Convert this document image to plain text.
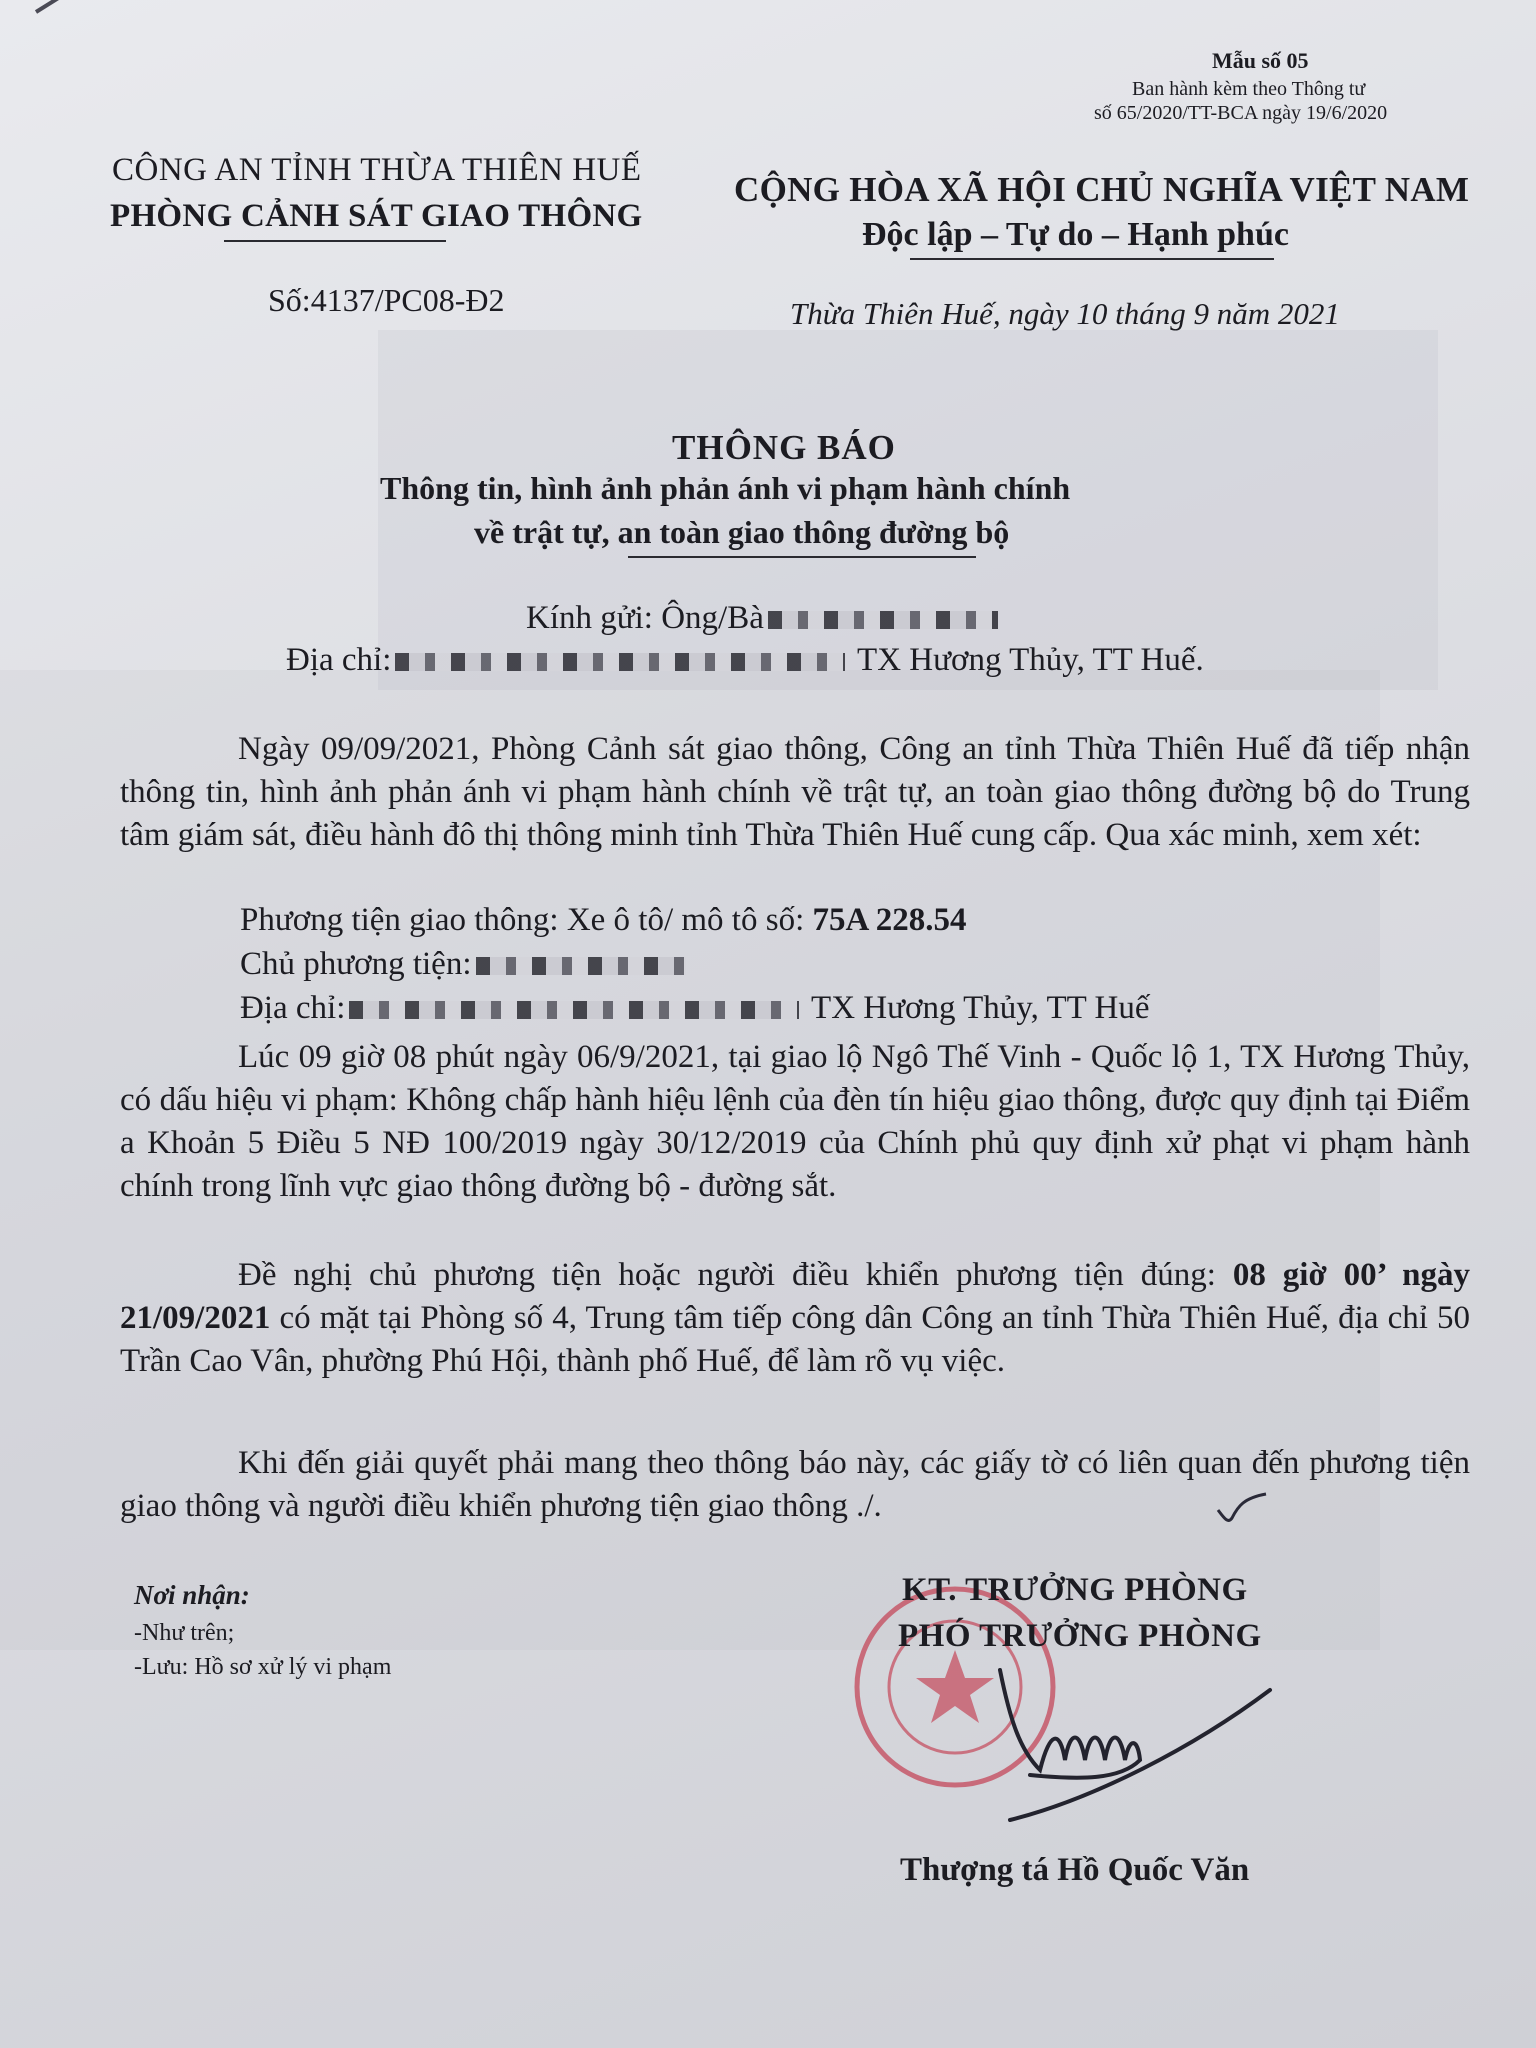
Mẫu số 05
Ban hành kèm theo Thông tư
số 65/2020/TT-BCA ngày 19/6/2020
CÔNG AN TỈNH THỪA THIÊN HUẾ
PHÒNG CẢNH SÁT GIAO THÔNG
Số:4137/PC08-Đ2
CỘNG HÒA XÃ HỘI CHỦ NGHĨA VIỆT NAM
Độc lập – Tự do – Hạnh phúc
Thừa Thiên Huế, ngày 10 tháng 9 năm 2021
THÔNG BÁO
Thông tin, hình ảnh phản ánh vi phạm hành chính
về trật tự, an toàn giao thông đường bộ
Kính gửi: Ông/Bà
Địa chỉ:	TX Hương Thủy, TT Huế.
Ngày 09/09/2021, Phòng Cảnh sát giao thông, Công an tỉnh Thừa Thiên Huế đã tiếp nhận thông tin, hình ảnh phản ánh vi phạm hành chính về trật tự, an toàn giao thông đường bộ do Trung tâm giám sát, điều hành đô thị thông minh tỉnh Thừa Thiên Huế cung cấp. Qua xác minh, xem xét:
Phương tiện giao thông: Xe ô tô/ mô tô số: 75A 228.54
Chủ phương tiện:
Địa chỉ:	TX Hương Thủy, TT Huế
Lúc 09 giờ 08 phút ngày 06/9/2021, tại giao lộ Ngô Thế Vinh - Quốc lộ 1, TX Hương Thủy, có dấu hiệu vi phạm: Không chấp hành hiệu lệnh của đèn tín hiệu giao thông, được quy định tại Điểm a Khoản 5 Điều 5 NĐ 100/2019 ngày 30/12/2019 của Chính phủ quy định xử phạt vi phạm hành chính trong lĩnh vực giao thông đường bộ - đường sắt.
Đề nghị chủ phương tiện hoặc người điều khiển phương tiện đúng: 08 giờ 00’ ngày 21/09/2021 có mặt tại Phòng số 4, Trung tâm tiếp công dân Công an tỉnh Thừa Thiên Huế, địa chỉ 50 Trần Cao Vân, phường Phú Hội, thành phố Huế, để làm rõ vụ việc.
Khi đến giải quyết phải mang theo thông báo này, các giấy tờ có liên quan đến phương tiện giao thông và người điều khiển phương tiện giao thông ./.
Nơi nhận:
-Như trên;
-Lưu: Hồ sơ xử lý vi phạm
KT. TRƯỞNG PHÒNG
PHÓ TRƯỞNG PHÒNG
Thượng tá Hồ Quốc Văn
